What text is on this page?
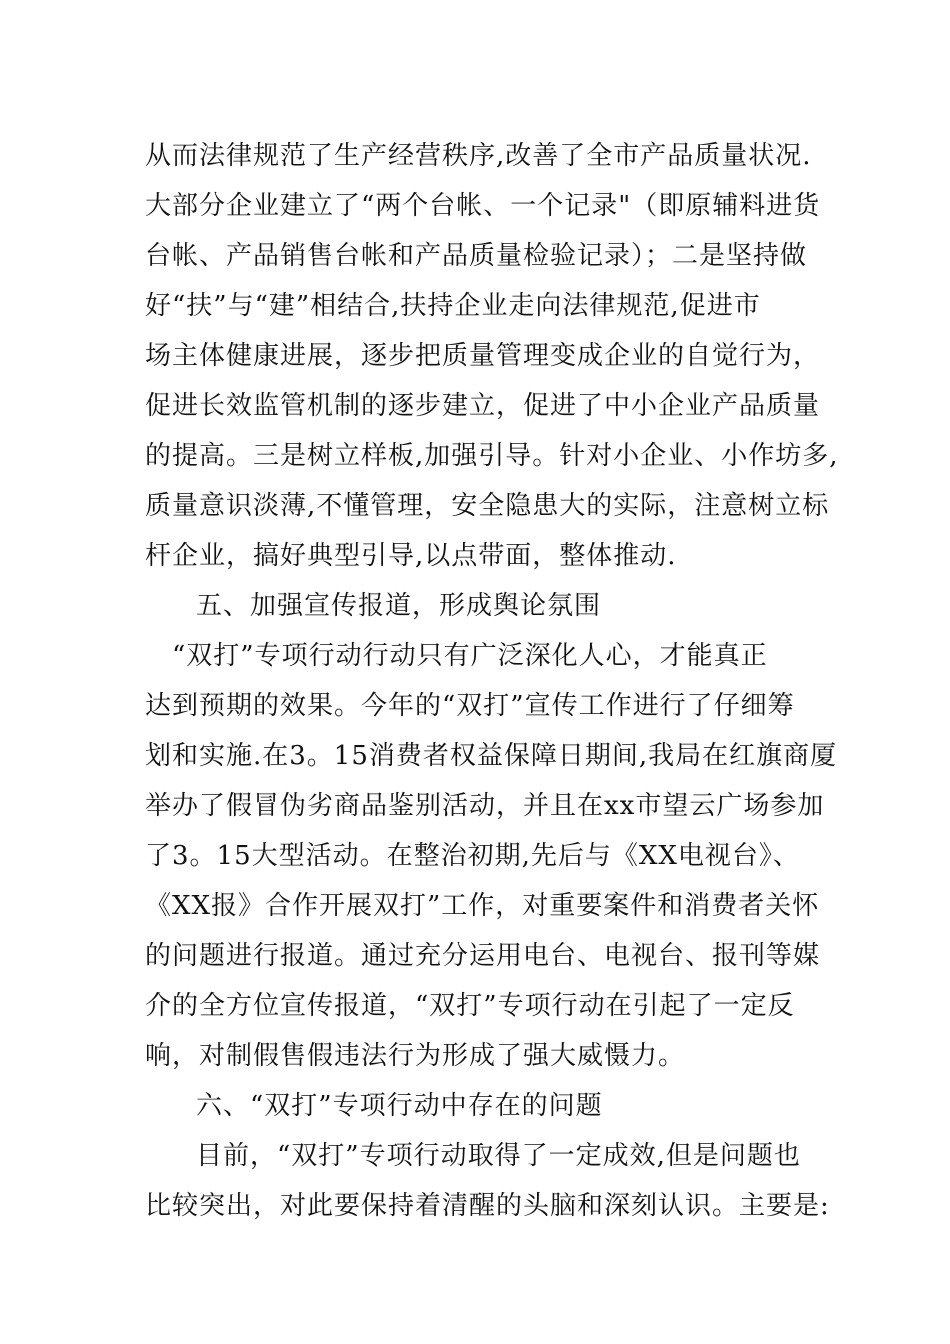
从而法律规范了生产经营秩序,改善了全市产品质量状况.
大部分企业建立了“两个台帐、一个记录"（即原辅料进货
台帐、产品销售台帐和产品质量检验记录）；二是坚持做
好“扶”与“建”相结合,扶持企业走向法律规范,促进市
场主体健康进展，逐步把质量管理变成企业的自觉行为，
促进长效监管机制的逐步建立，促进了中小企业产品质量
的提高。三是树立样板,加强引导。针对小企业、小作坊多,
质量意识淡薄,不懂管理，安全隐患大的实际，注意树立标
杆企业，搞好典型引导,以点带面，整体推动.
五、加强宣传报道，形成舆论氛围
“双打”专项行动行动只有广泛深化人心，才能真正
达到预期的效果。今年的“双打”宣传工作进行了仔细筹
划和实施.在3。15消费者权益保障日期间,我局在红旗商厦
举办了假冒伪劣商品鉴别活动，并且在xx市望云广场参加
了3。15大型活动。在整治初期,先后与《XX电视台》、
《XX报》合作开展双打”工作，对重要案件和消费者关怀
的问题进行报道。通过充分运用电台、电视台、报刊等媒
介的全方位宣传报道，“双打”专项行动在引起了一定反
响，对制假售假违法行为形成了强大威慑力。
六、“双打”专项行动中存在的问题
目前，“双打”专项行动取得了一定成效,但是问题也
比较突出，对此要保持着清醒的头脑和深刻认识。主要是:
